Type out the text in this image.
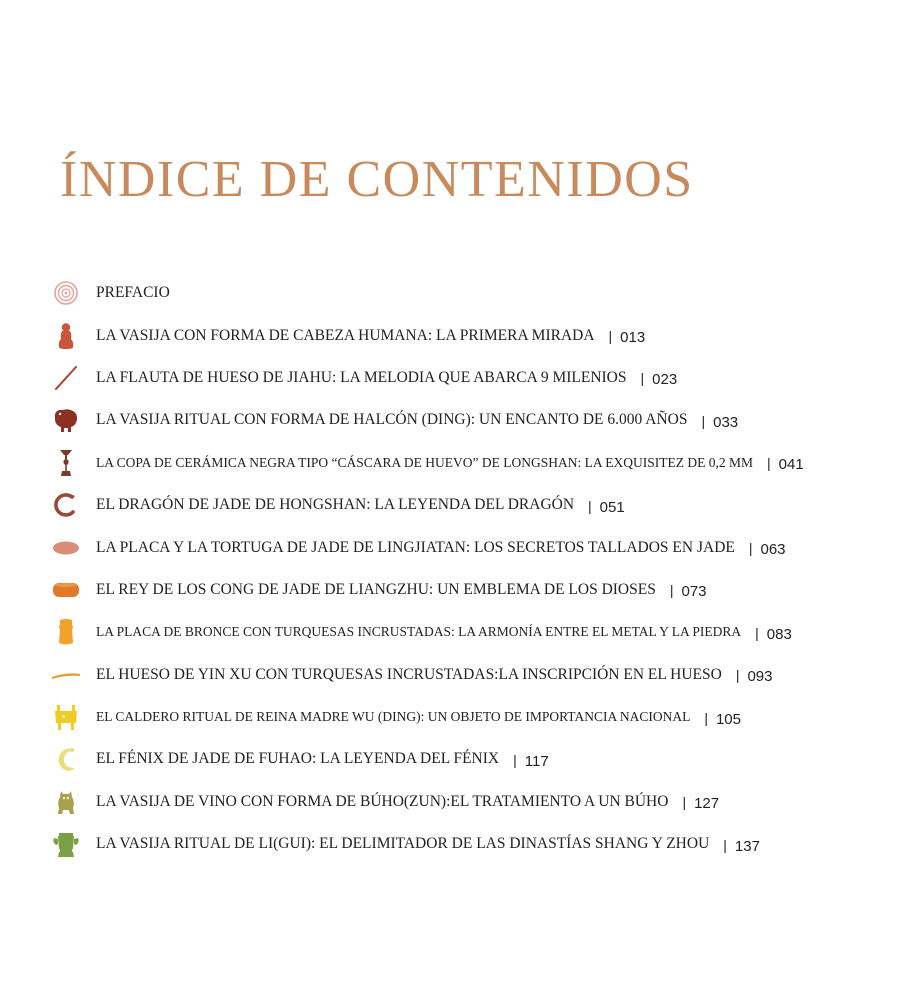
ÍNDICE DE CONTENIDOS
PREFACIO
LA VASIJA CON FORMA DE CABEZA HUMANA: LA PRIMERA MIRADA	| 013
LA FLAUTA DE HUESO DE JIAHU: LA MELODIA QUE ABARCA 9 MILENIOS	| 023
LA VASIJA RITUAL CON FORMA DE HALCÓN (DING): UN ENCANTO DE 6.000 AÑOS	| 033
LA COPA DE CERÁMICA NEGRA TIPO “CÁSCARA DE HUEVO” DE LONGSHAN: LA EXQUISITEZ DE 0,2 MM	| 041
EL DRAGÓN DE JADE DE HONGSHAN: LA LEYENDA DEL DRAGÓN	| 051
LA PLACA Y LA TORTUGA DE JADE DE LINGJIATAN: LOS SECRETOS TALLADOS EN JADE	| 063
EL REY DE LOS CONG DE JADE DE LIANGZHU: UN EMBLEMA DE LOS DIOSES	| 073
LA PLACA DE BRONCE CON TURQUESAS INCRUSTADAS: LA ARMONÍA ENTRE EL METAL Y LA PIEDRA	| 083
EL HUESO DE YIN XU CON TURQUESAS INCRUSTADAS:LA INSCRIPCIÓN EN EL HUESO	| 093
EL CALDERO RITUAL DE REINA MADRE WU (DING): UN OBJETO DE IMPORTANCIA NACIONAL	| 105
EL FÉNIX DE JADE DE FUHAO: LA LEYENDA DEL FÉNIX	| 117
LA VASIJA DE VINO CON FORMA DE BÚHO(ZUN):EL TRATAMIENTO A UN BÚHO	| 127
LA VASIJA RITUAL DE LI(GUI): EL DELIMITADOR DE LAS DINASTÍAS SHANG Y ZHOU	| 137
